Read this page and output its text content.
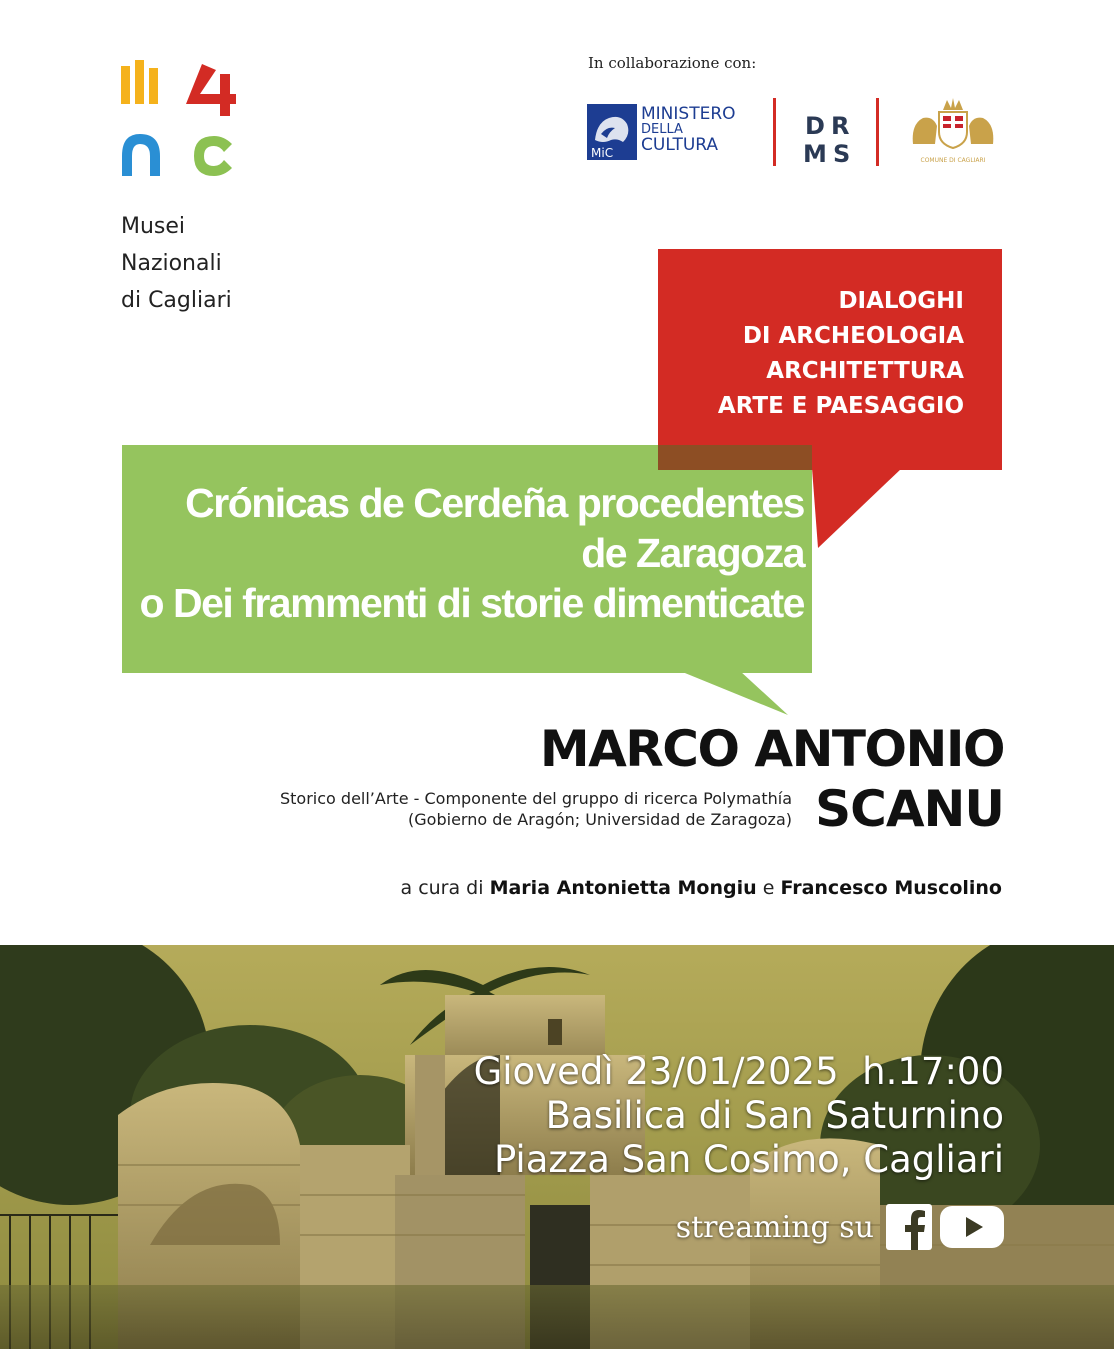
Musei
Nazionali
di Cagliari
In collaborazione con:
MiC
MINISTERO
DELLA
CULTURA
D R
M S	COMUNE DI CAGLIARI
DIALOGHI
DI ARCHEOLOGIA
ARCHITETTURA
ARTE E PAESAGGIO
Crónicas de Cerdeña procedentes
de Zaragoza
o Dei frammenti di storie dimenticate
MARCO ANTONIO
SCANU
Storico dell’Arte - Componente del gruppo di ricerca Polymathía
(Gobierno de Aragón; Universidad de Zaragoza)
a cura di Maria Antonietta Mongiu e Francesco Muscolino
Giovedì 23/01/2025  h.17:00
Basilica di San Saturnino
Piazza San Cosimo, Cagliari
streaming su
